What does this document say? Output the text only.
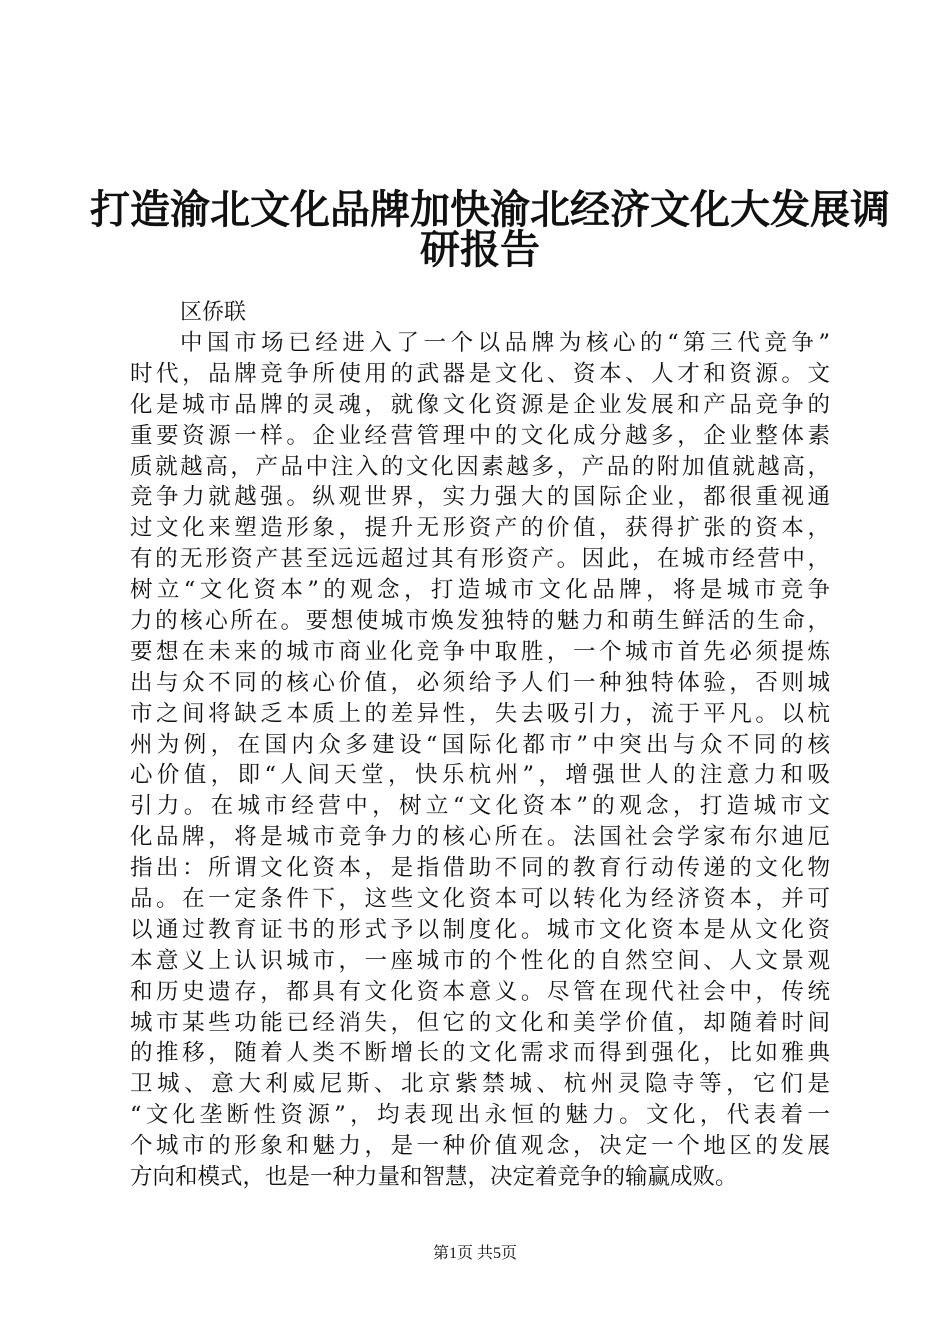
打造渝北文化品牌加快渝北经济文化大发展调
研报告
区侨联
中国市场已经进入了一个以品牌为核心的“第三代竞争”
时代，品牌竞争所使用的武器是文化、资本、人才和资源。文
化是城市品牌的灵魂，就像文化资源是企业发展和产品竞争的
重要资源一样。企业经营管理中的文化成分越多，企业整体素
质就越高，产品中注入的文化因素越多，产品的附加值就越高，
竞争力就越强。纵观世界，实力强大的国际企业，都很重视通
过文化来塑造形象，提升无形资产的价值，获得扩张的资本，
有的无形资产甚至远远超过其有形资产。因此，在城市经营中，
树立“文化资本”的观念，打造城市文化品牌，将是城市竞争
力的核心所在。要想使城市焕发独特的魅力和萌生鲜活的生命，
要想在未来的城市商业化竞争中取胜，一个城市首先必须提炼
出与众不同的核心价值，必须给予人们一种独特体验，否则城
市之间将缺乏本质上的差异性，失去吸引力，流于平凡。以杭
州为例，在国内众多建设“国际化都市”中突出与众不同的核
心价值，即“人间天堂，快乐杭州”，增强世人的注意力和吸
引力。在城市经营中，树立“文化资本”的观念，打造城市文
化品牌，将是城市竞争力的核心所在。法国社会学家布尔迪厄
指出：所谓文化资本，是指借助不同的教育行动传递的文化物
品。在一定条件下，这些文化资本可以转化为经济资本，并可
以通过教育证书的形式予以制度化。城市文化资本是从文化资
本意义上认识城市，一座城市的个性化的自然空间、人文景观
和历史遗存，都具有文化资本意义。尽管在现代社会中，传统
城市某些功能已经消失，但它的文化和美学价值，却随着时间
的推移，随着人类不断增长的文化需求而得到强化，比如雅典
卫城、意大利威尼斯、北京紫禁城、杭州灵隐寺等，它们是
“文化垄断性资源”，均表现出永恒的魅力。文化，代表着一
个城市的形象和魅力，是一种价值观念，决定一个地区的发展
方向和模式，也是一种力量和智慧，决定着竞争的输赢成败。
第1页 共5页
